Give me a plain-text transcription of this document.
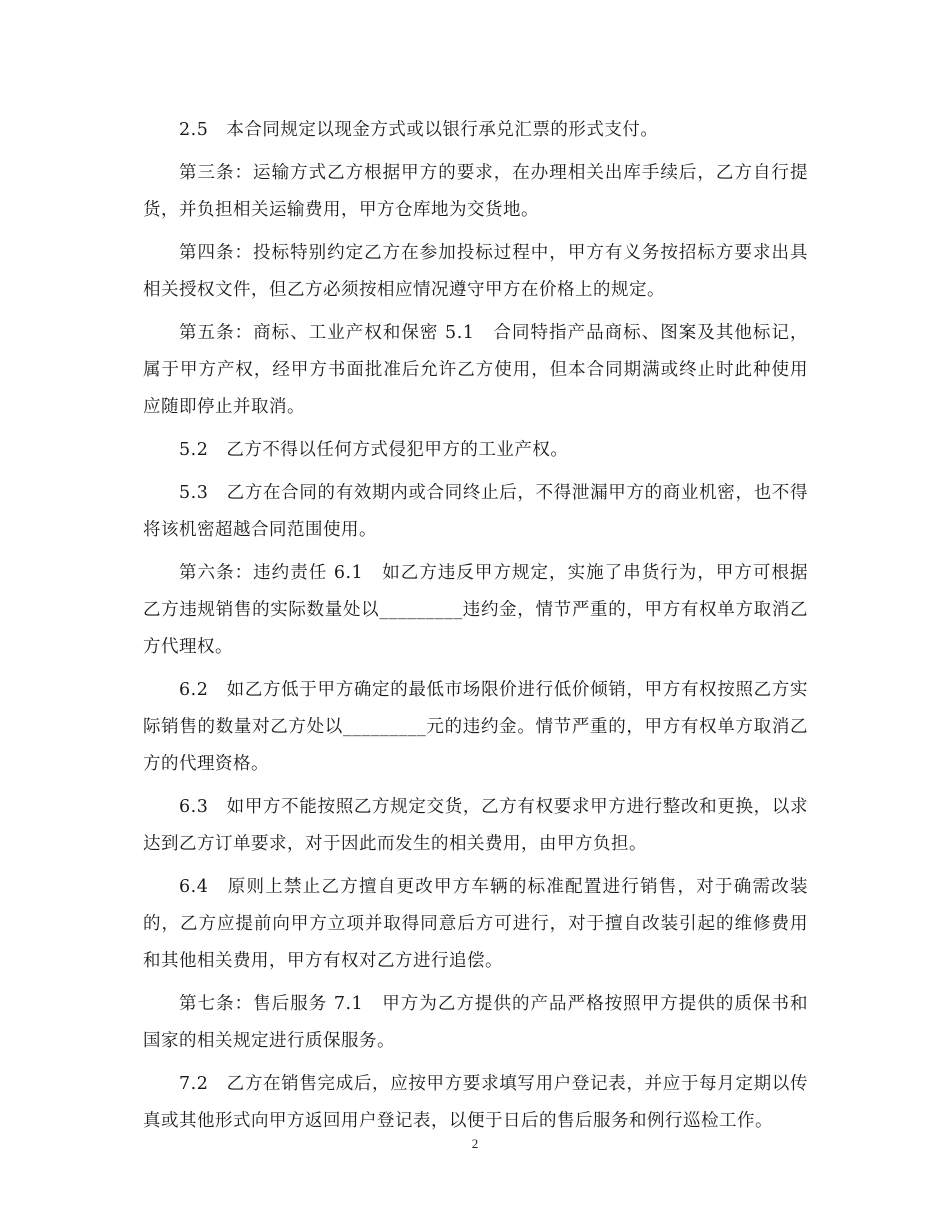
2.5　本合同规定以现金方式或以银行承兑汇票的形式支付。

第三条：运输方式乙方根据甲方的要求，在办理相关出库手续后，乙方自行提货，并负担相关运输费用，甲方仓库地为交货地。

第四条：投标特别约定乙方在参加投标过程中，甲方有义务按招标方要求出具相关授权文件，但乙方必须按相应情况遵守甲方在价格上的规定。

第五条：商标、工业产权和保密 5.1　合同特指产品商标、图案及其他标记，属于甲方产权，经甲方书面批准后允许乙方使用，但本合同期满或终止时此种使用应随即停止并取消。

5.2　乙方不得以任何方式侵犯甲方的工业产权。

5.3　乙方在合同的有效期内或合同终止后，不得泄漏甲方的商业机密，也不得将该机密超越合同范围使用。

第六条：违约责任 6.1　如乙方违反甲方规定，实施了串货行为，甲方可根据乙方违规销售的实际数量处以_________违约金，情节严重的，甲方有权单方取消乙方代理权。

6.2　如乙方低于甲方确定的最低市场限价进行低价倾销，甲方有权按照乙方实际销售的数量对乙方处以_________元的违约金。情节严重的，甲方有权单方取消乙方的代理资格。

6.3　如甲方不能按照乙方规定交货，乙方有权要求甲方进行整改和更换，以求达到乙方订单要求，对于因此而发生的相关费用，由甲方负担。

6.4　原则上禁止乙方擅自更改甲方车辆的标准配置进行销售，对于确需改装的，乙方应提前向甲方立项并取得同意后方可进行，对于擅自改装引起的维修费用和其他相关费用，甲方有权对乙方进行追偿。

第七条：售后服务 7.1　甲方为乙方提供的产品严格按照甲方提供的质保书和国家的相关规定进行质保服务。

7.2　乙方在销售完成后，应按甲方要求填写用户登记表，并应于每月定期以传真或其他形式向甲方返回用户登记表，以便于日后的售后服务和例行巡检工作。

2
